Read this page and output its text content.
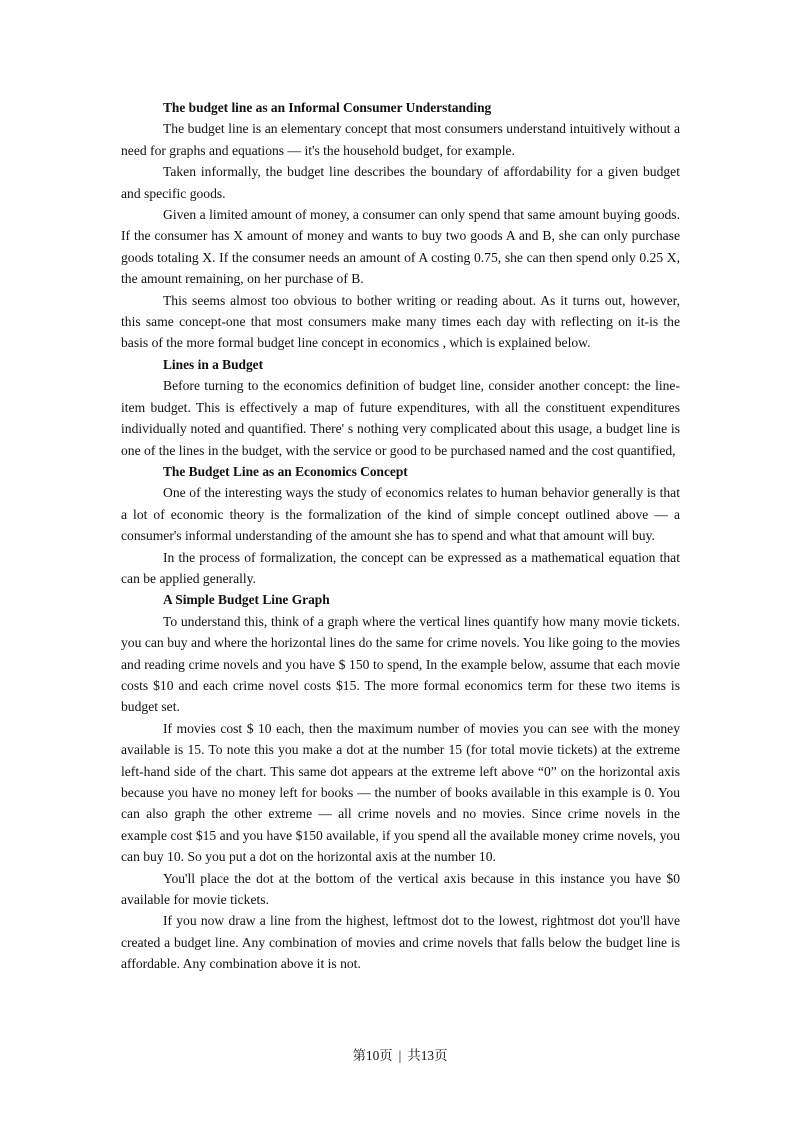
The budget line as an Informal Consumer Understanding

The budget line is an elementary concept that most consumers understand intuitively without a need for graphs and equations — it's the household budget, for example.

Taken informally, the budget line describes the boundary of affordability for a given budget and specific goods.

Given a limited amount of money, a consumer can only spend that same amount buying goods. If the consumer has X amount of money and wants to buy two goods A and B, she can only purchase goods totaling X. If the consumer needs an amount of A costing 0.75, she can then spend only 0.25 X, the amount remaining, on her purchase of B.

This seems almost too obvious to bother writing or reading about. As it turns out, however, this same concept-one that most consumers make many times each day with reflecting on it-is the basis of the more formal budget line concept in economics , which is explained below.

Lines in a Budget

Before turning to the economics definition of budget line, consider another concept: the line-item budget. This is effectively a map of future expenditures, with all the constituent expenditures individually noted and quantified. There' s nothing very complicated about this usage, a budget line is one of the lines in the budget, with the service or good to be purchased named and the cost quantified,

The Budget Line as an Economics Concept

One of the interesting ways the study of economics relates to human behavior generally is that a lot of economic theory is the formalization of the kind of simple concept outlined above — a consumer's informal understanding of the amount she has to spend and what that amount will buy.

In the process of formalization, the concept can be expressed as a mathematical equation that can be applied generally.

A Simple Budget Line Graph

To understand this, think of a graph where the vertical lines quantify how many movie tickets. you can buy and where the horizontal lines do the same for crime novels. You like going to the movies and reading crime novels and you have $ 150 to spend, In the example below, assume that each movie costs $10 and each crime novel costs $15. The more formal economics term for these two items is budget set.

If movies cost $ 10 each, then the maximum number of movies you can see with the money available is 15. To note this you make a dot at the number 15 (for total movie tickets) at the extreme left-hand side of the chart. This same dot appears at the extreme left above “0” on the horizontal axis because you have no money left for books — the number of books available in this example is 0. You can also graph the other extreme — all crime novels and no movies. Since crime novels in the example cost $15 and you have $150 available, if you spend all the available money crime novels, you can buy 10. So you put a dot on the horizontal axis at the number 10.

You'll place the dot at the bottom of the vertical axis because in this instance you have $0 available for movie tickets.

If you now draw a line from the highest, leftmost dot to the lowest, rightmost dot you'll have created a budget line. Any combination of movies and crime novels that falls below the budget line is affordable. Any combination above it is not.

第10页 | 共13页
